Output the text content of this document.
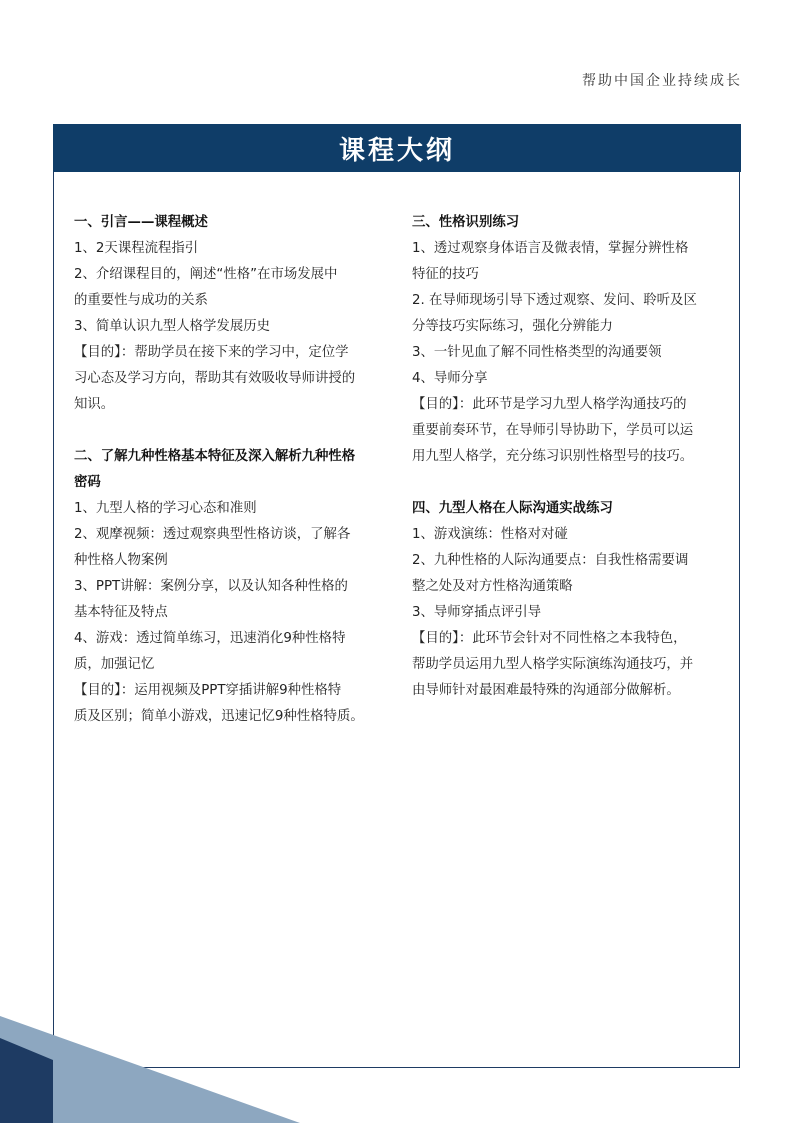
帮助中国企业持续成长
课程大纲
一、引言——课程概述
1、2天课程流程指引
2、介绍课程目的，阐述“性格”在市场发展中
的重要性与成功的关系
3、简单认识九型人格学发展历史
【目的】：帮助学员在接下来的学习中，定位学
习心态及学习方向，帮助其有效吸收导师讲授的
知识。
二、了解九种性格基本特征及深入解析九种性格
密码
1、九型人格的学习心态和准则
2、观摩视频：透过观察典型性格访谈，了解各
种性格人物案例
3、PPT讲解：案例分享，以及认知各种性格的
基本特征及特点
4、游戏：透过简单练习，迅速消化9种性格特
质，加强记忆
【目的】：运用视频及PPT穿插讲解9种性格特
质及区别；简单小游戏，迅速记忆9种性格特质。
三、性格识别练习
1、透过观察身体语言及微表情，掌握分辨性格
特征的技巧
2. 在导师现场引导下透过观察、发问、聆听及区
分等技巧实际练习，强化分辨能力
3、一针见血了解不同性格类型的沟通要领
4、导师分享
【目的】：此环节是学习九型人格学沟通技巧的
重要前奏环节，在导师引导协助下，学员可以运
用九型人格学，充分练习识别性格型号的技巧。
四、九型人格在人际沟通实战练习
1、游戏演练：性格对对碰
2、九种性格的人际沟通要点：自我性格需要调
整之处及对方性格沟通策略
3、导师穿插点评引导
【目的】：此环节会针对不同性格之本我特色，
帮助学员运用九型人格学实际演练沟通技巧，并
由导师针对最困难最特殊的沟通部分做解析。
